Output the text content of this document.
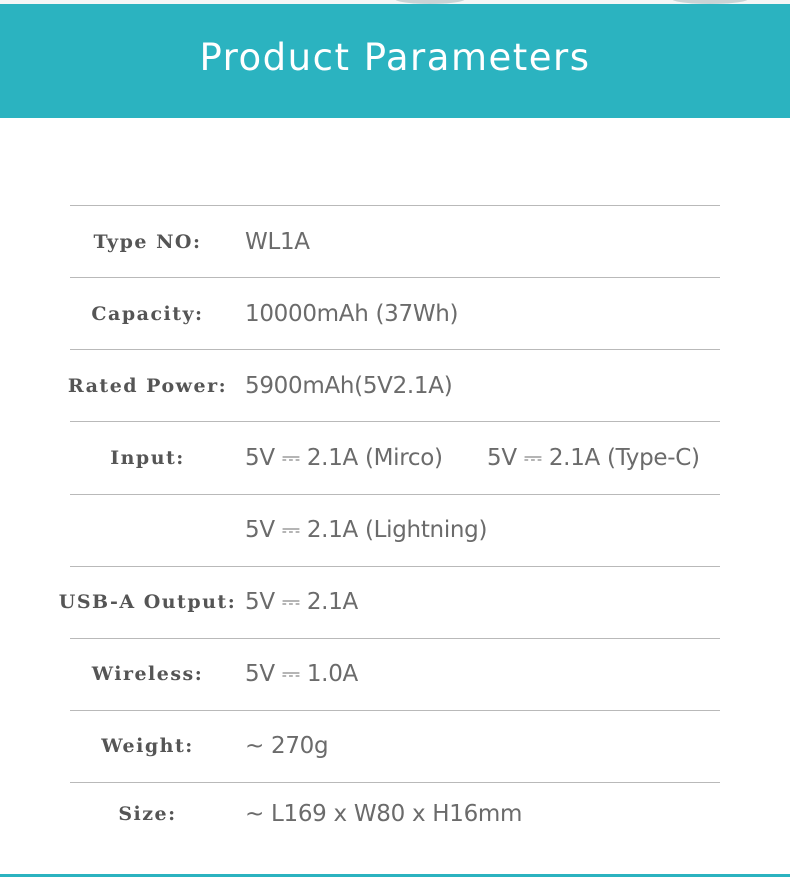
Product Parameters
Type NO:	WL1A
Capacity:	10000mAh (37Wh)
Rated Power: 5900mAh(5V2.1A)
Input:	5V ⎓ 2.1A (Mirco) 5V ⎓ 2.1A (Type-C)
5V ⎓ 2.1A (Lightning)
USB-A Output: 5V ⎓ 2.1A
Wireless:	5V ⎓ 1.0A
Weight:	~ 270g
Size:	~ L169 x W80 x H16mm
